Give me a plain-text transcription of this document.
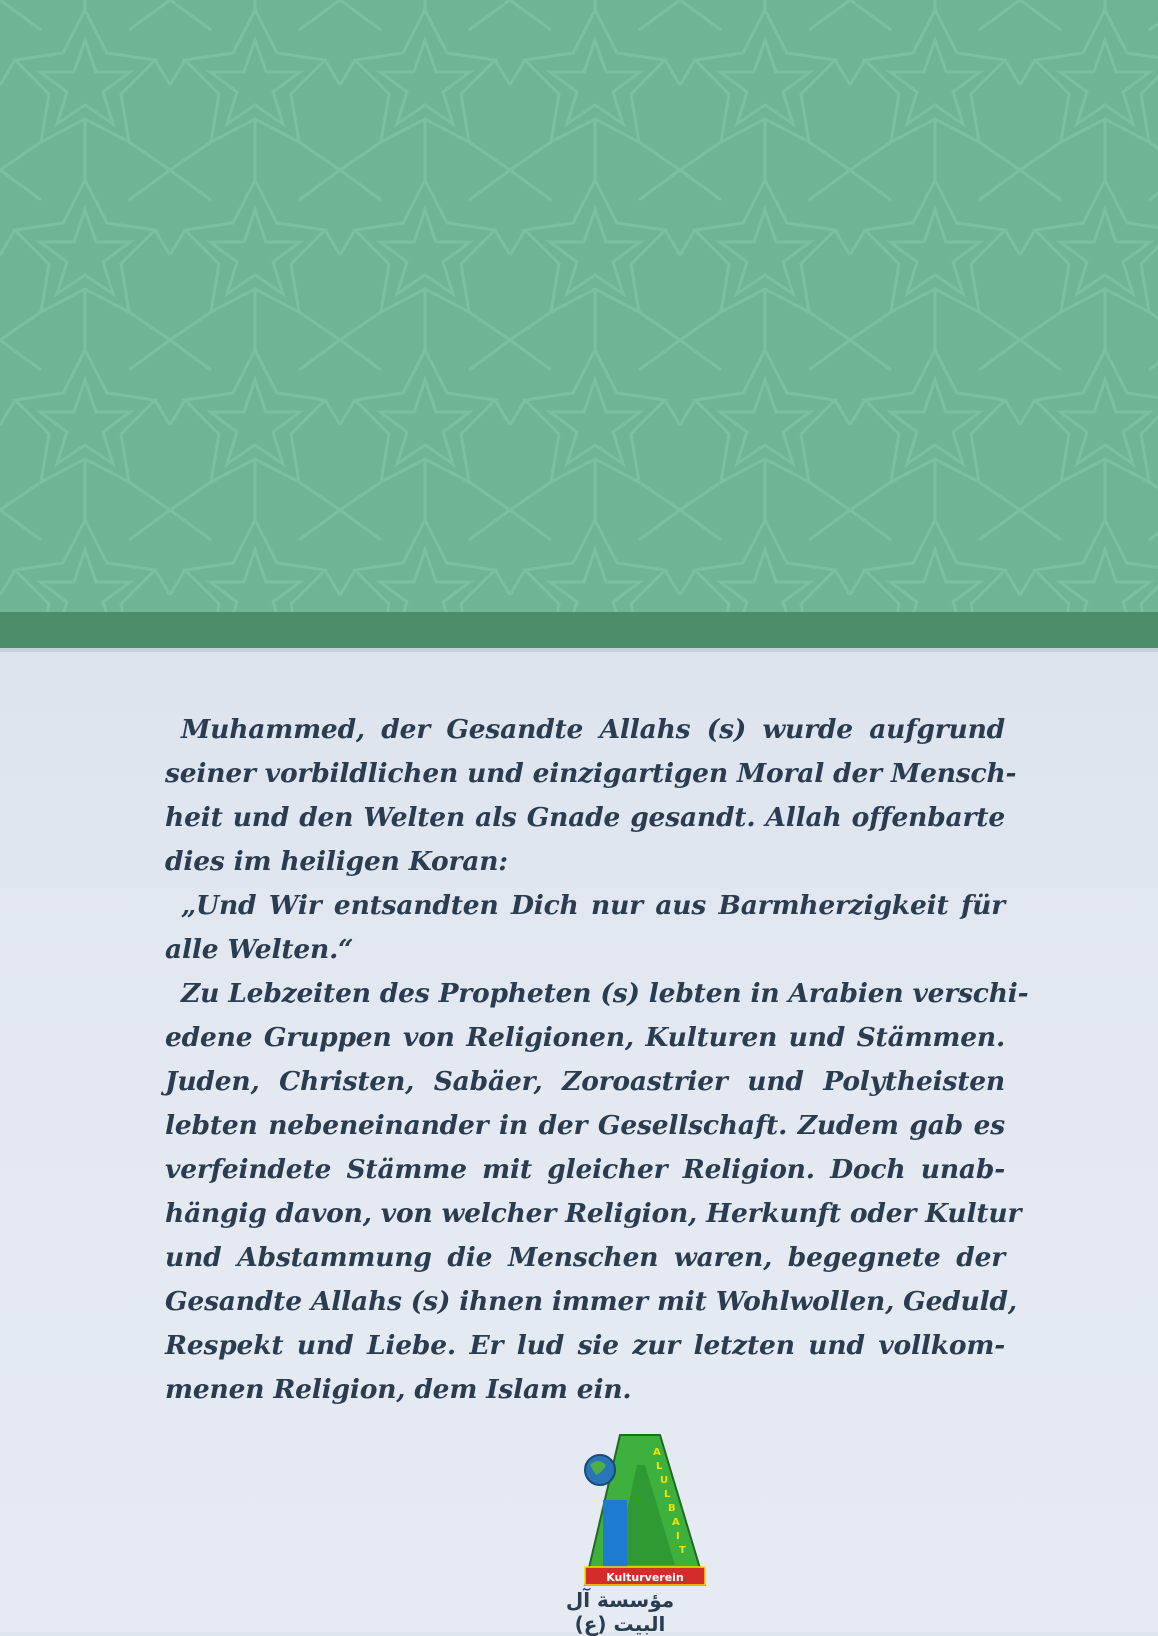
Muhammed, der Gesandte Allahs (s) wurde aufgrund
seiner vorbildlichen und einzigartigen Moral der Mensch-
heit und den Welten als Gnade gesandt. Allah offenbarte
dies im heiligen Koran:

„Und Wir entsandten Dich nur aus Barmherzigkeit für
alle Welten.“

Zu Lebzeiten des Propheten (s) lebten in Arabien verschi-
edene Gruppen von Religionen, Kulturen und Stämmen.
Juden, Christen, Sabäer, Zoroastrier und Polytheisten
lebten nebeneinander in der Gesellschaft. Zudem gab es
verfeindete Stämme mit gleicher Religion. Doch unab-
hängig davon, von welcher Religion, Herkunft oder Kultur
und Abstammung die Menschen waren, begegnete der
Gesandte Allahs (s) ihnen immer mit Wohlwollen, Geduld,
Respekt und Liebe. Er lud sie zur letzten und vollkom-
menen Religion, dem Islam ein.

A
L
U
L
B
A
I
T
Kulturverein
مؤسسة آل البيت (ع)
